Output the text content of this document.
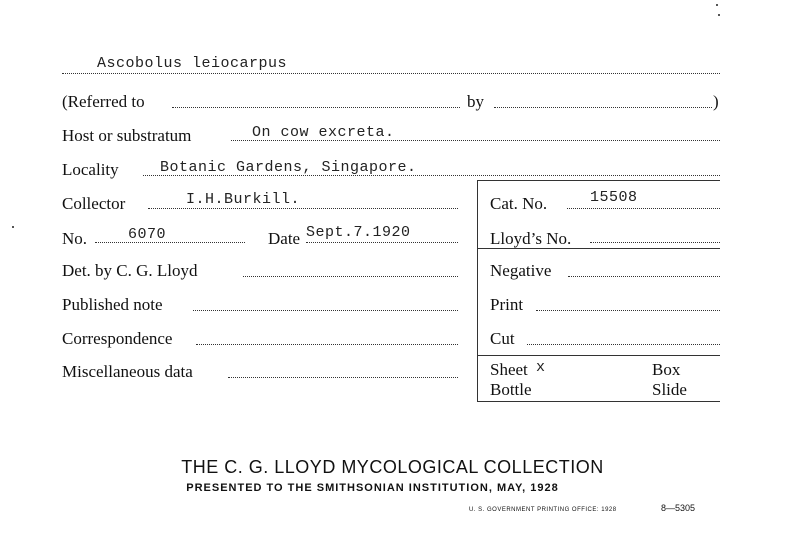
Ascobolus leiocarpus
(Referred to	by	)
Host or substratum	On cow excreta.
Locality	Botanic Gardens, Singapore.
Collector	I.H.Burkill.	Cat. No.	15508
No.	6070	Date Sept.7.1920	Lloyd’s No.
Det. by C. G. Lloyd	Negative
Published note	Print
Correspondence	Cut
Miscellaneous data	Sheet x	Box
Bottle	Slide
THE C. G. LLOYD MYCOLOGICAL COLLECTION
PRESENTED TO THE SMITHSONIAN INSTITUTION, MAY, 1928
U. S. GOVERNMENT PRINTING OFFICE: 1928	8—5305
